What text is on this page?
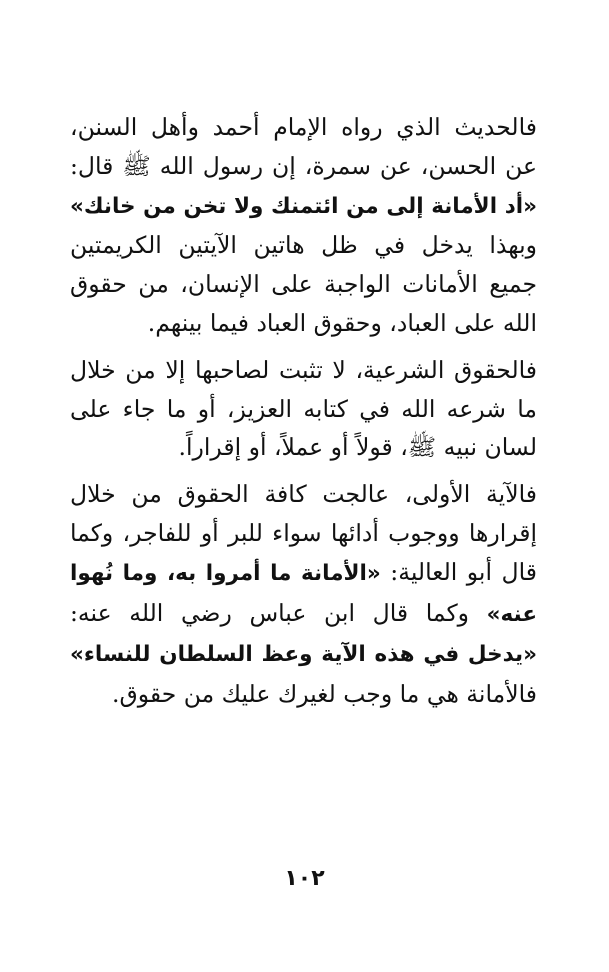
فالحديث الذي رواه الإمام أحمد وأهل السنن، عن الحسن، عن سمرة، إن رسول الله ﷺ قال: «أد الأمانة إلى من ائتمنك ولا تخن من خانك» وبهذا يدخل في ظل هاتين الآيتين الكريمتين جميع الأمانات الواجبة على الإنسان، من حقوق الله على العباد، وحقوق العباد فيما بينهم.

فالحقوق الشرعية، لا تثبت لصاحبها إلا من خلال ما شرعه الله في كتابه العزيز، أو ما جاء على لسان نبيه ﷺ، قولاً أو عملاً، أو إقراراً.

فالآية الأولى، عالجت كافة الحقوق من خلال إقرارها ووجوب أدائها سواء للبر أو للفاجر، وكما قال أبو العالية: «الأمانة ما أمروا به، وما نُهوا عنه» وكما قال ابن عباس رضي الله عنه: «يدخل في هذه الآية وعظ السلطان للنساء» فالأمانة هي ما وجب لغيرك عليك من حقوق.

١٠٢
